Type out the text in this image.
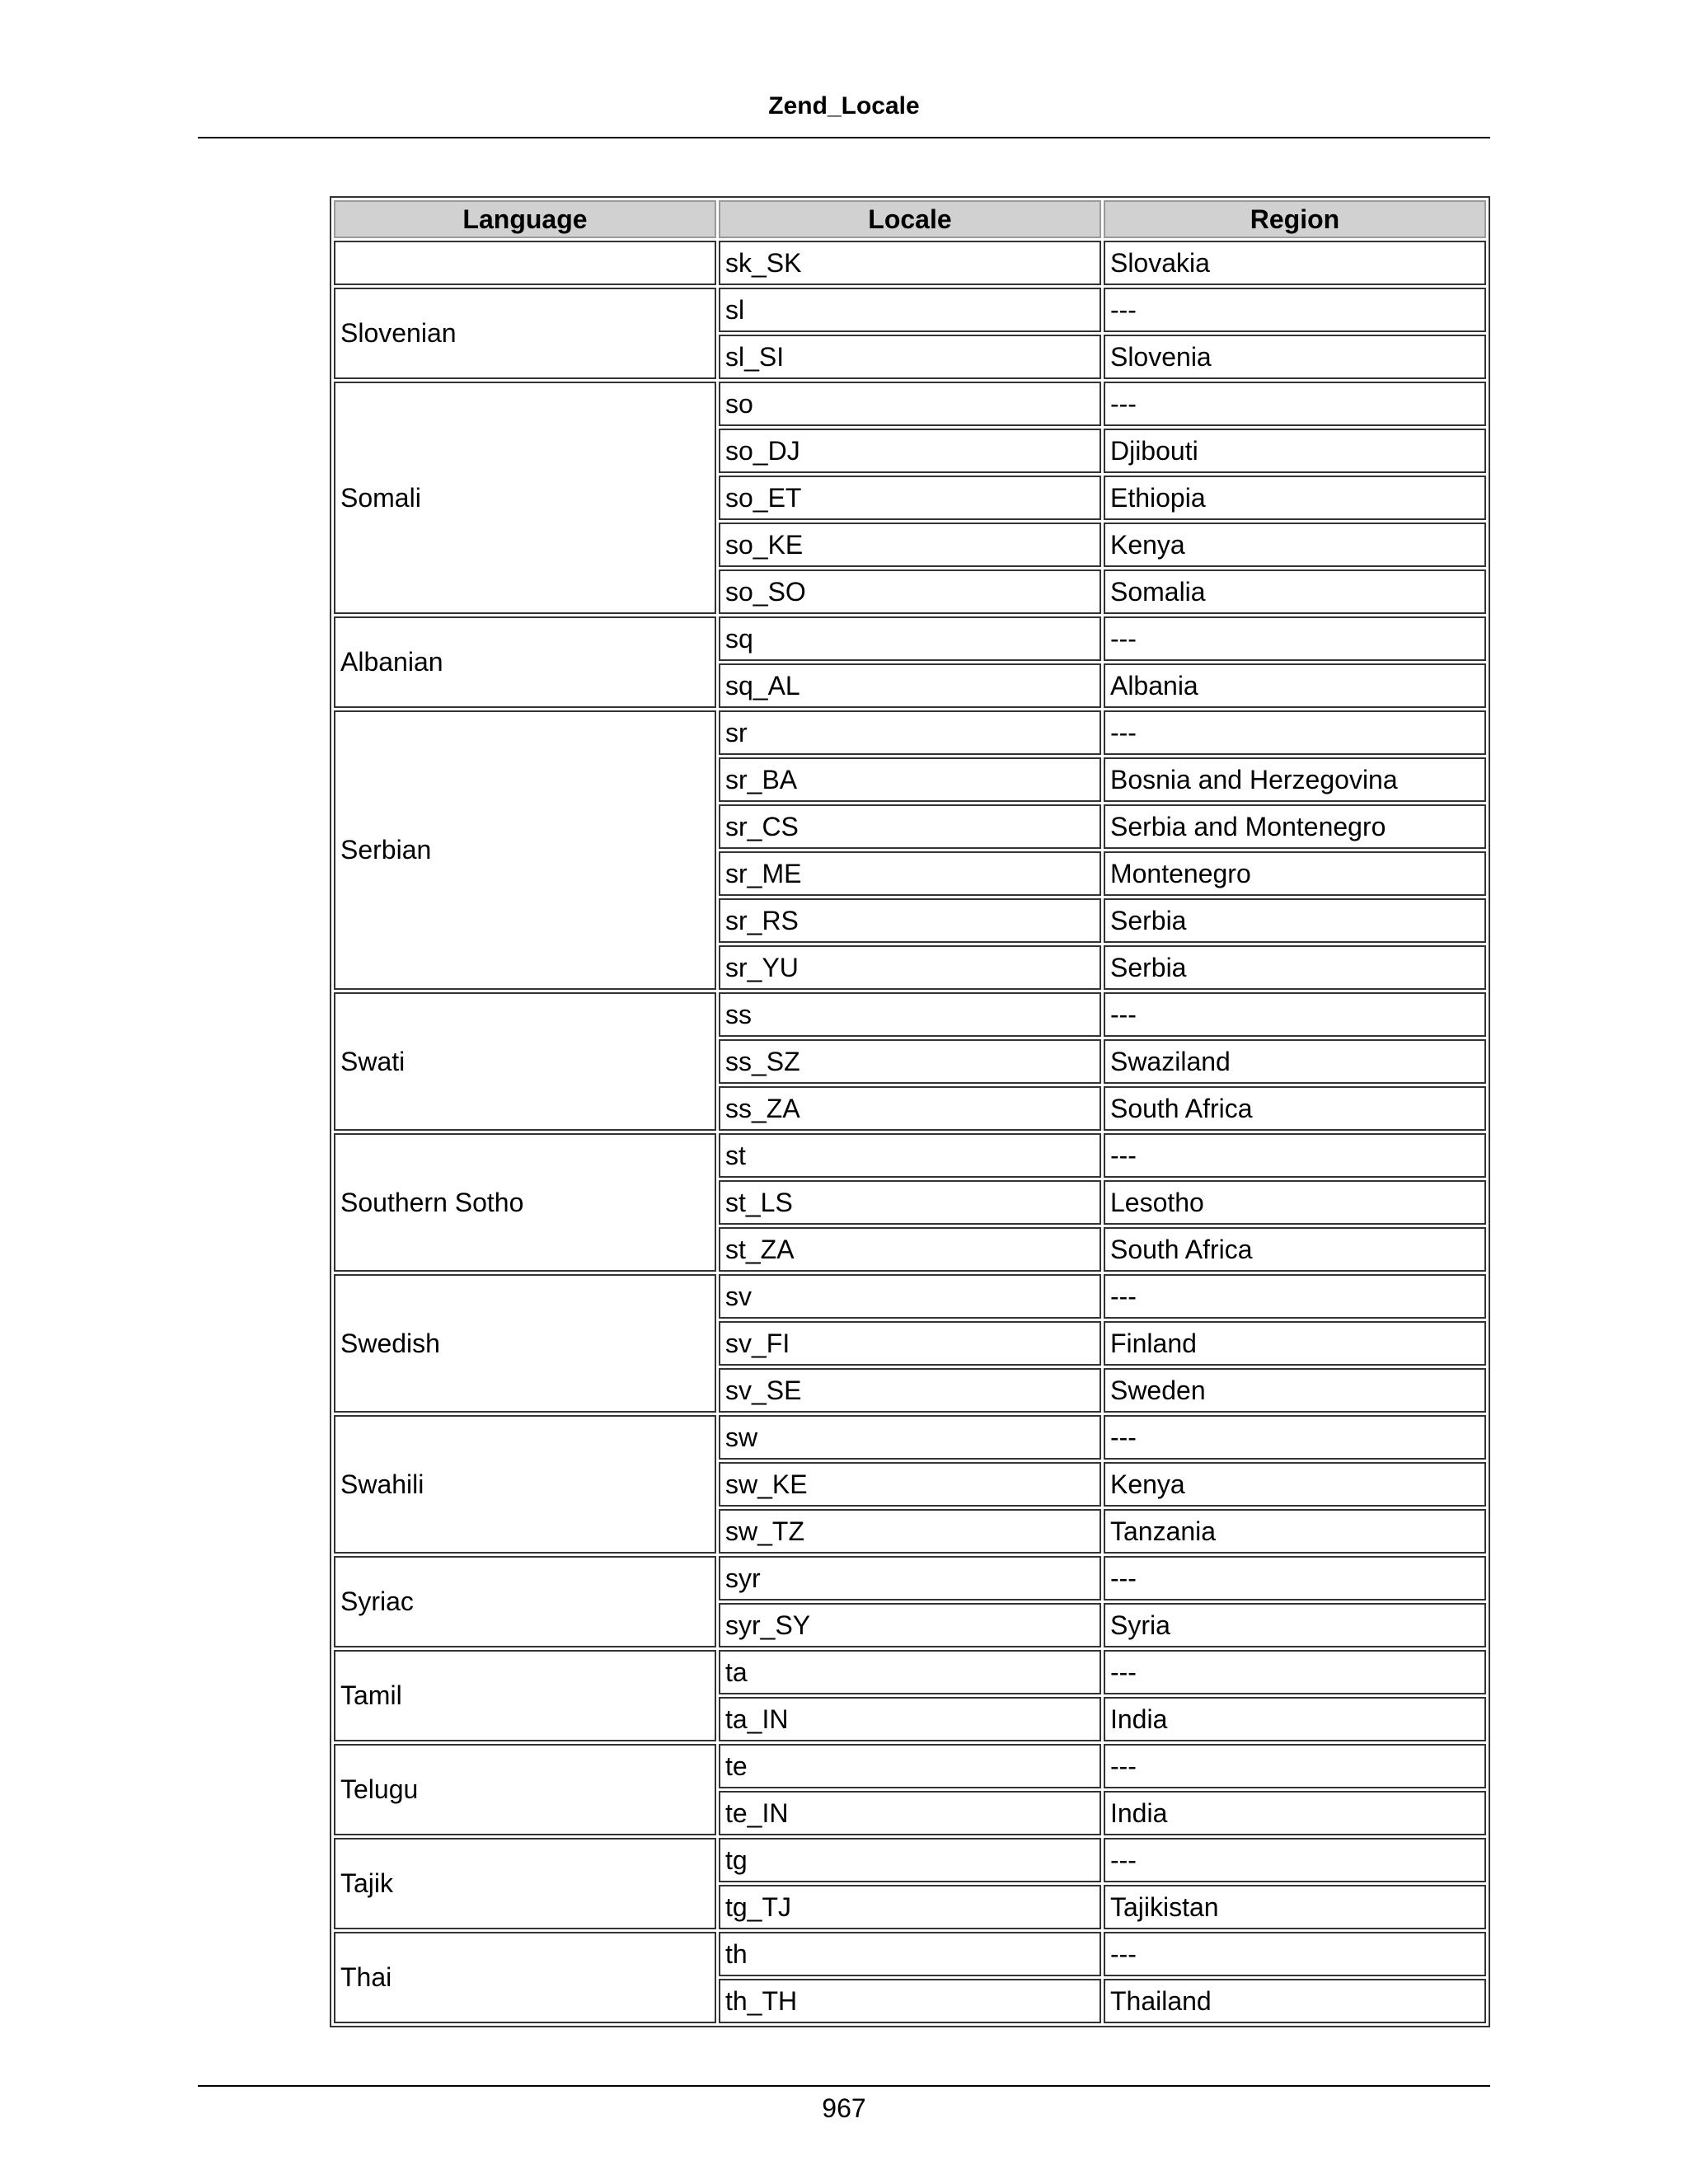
Zend_Locale
Language	Locale	Region
	sk_SK	Slovakia
Slovenian	sl	---
	sl_SI	Slovenia
Somali	so	---
	so_DJ	Djibouti
	so_ET	Ethiopia
	so_KE	Kenya
	so_SO	Somalia
Albanian	sq	---
	sq_AL	Albania
Serbian	sr	---
	sr_BA	Bosnia and Herzegovina
	sr_CS	Serbia and Montenegro
	sr_ME	Montenegro
	sr_RS	Serbia
	sr_YU	Serbia
Swati	ss	---
	ss_SZ	Swaziland
	ss_ZA	South Africa
Southern Sotho	st	---
	st_LS	Lesotho
	st_ZA	South Africa
Swedish	sv	---
	sv_FI	Finland
	sv_SE	Sweden
Swahili	sw	---
	sw_KE	Kenya
	sw_TZ	Tanzania
Syriac	syr	---
	syr_SY	Syria
Tamil	ta	---
	ta_IN	India
Telugu	te	---
	te_IN	India
Tajik	tg	---
	tg_TJ	Tajikistan
Thai	th	---
	th_TH	Thailand
967
